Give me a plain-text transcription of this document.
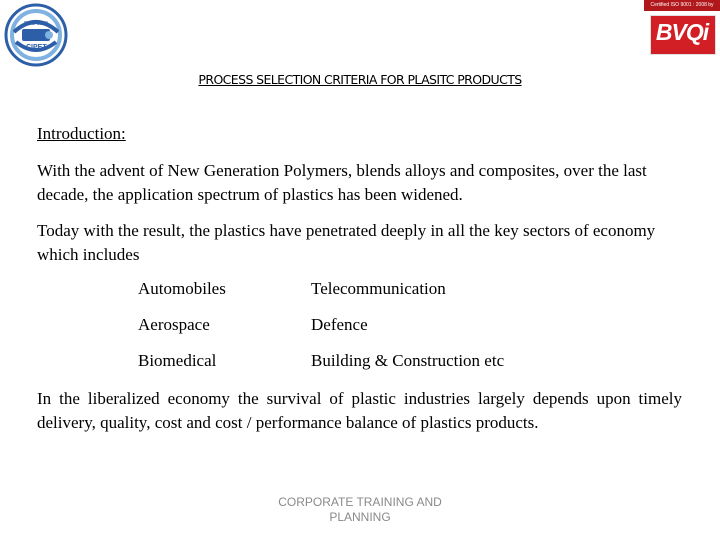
Estd. 1968
CIPET
Certified ISO 9001 : 2008 by
BVQi
PROCESS SELECTION CRITERIA FOR PLASITC PRODUCTS
Introduction:
With the advent of New Generation Polymers, blends alloys and composites, over the last decade, the application spectrum of plastics has been widened.
Today with the result, the plastics have penetrated deeply in all the key sectors of economy which includes
Automobiles	Telecommunication
Aerospace	Defence
Biomedical	Building & Construction etc
In the liberalized economy the survival of plastic industries largely depends upon timely delivery, quality, cost and cost / performance balance of plastics products.
CORPORATE TRAINING AND
PLANNING
